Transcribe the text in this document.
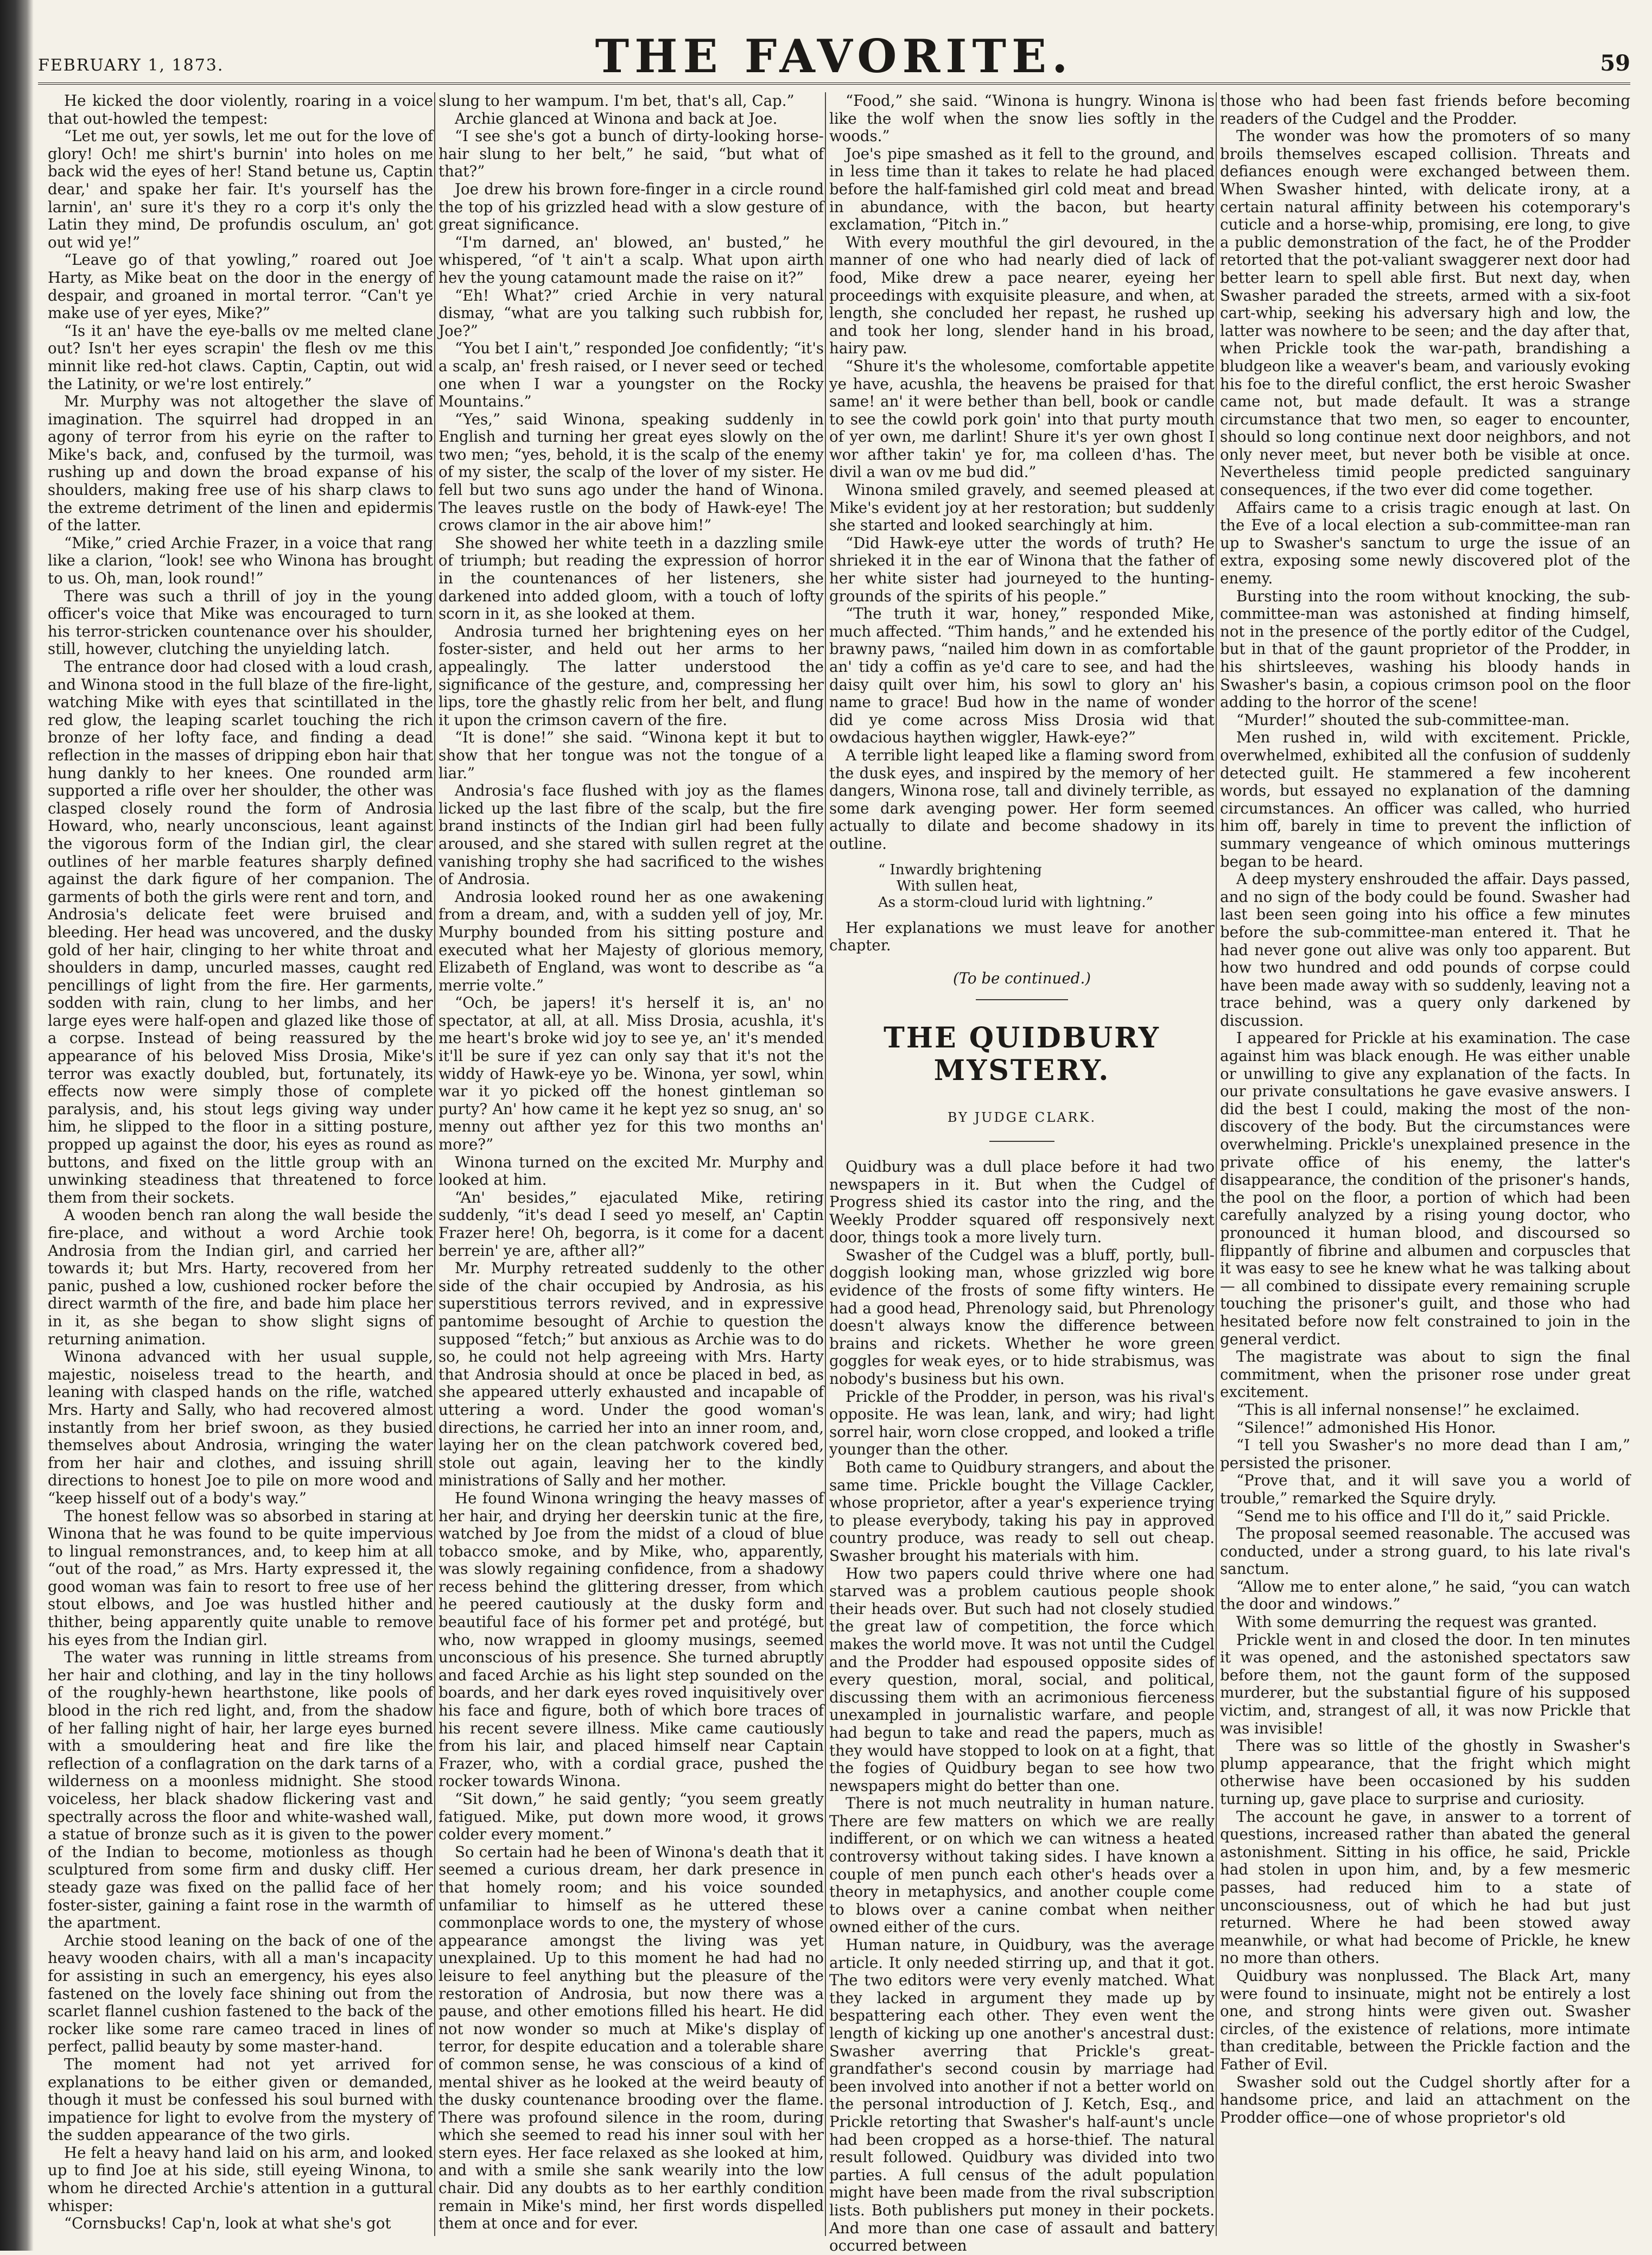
FEBRUARY 1, 1873.	THE FAVORITE.	59

He kicked the door violently, roaring in a voice that out-howled the tempest:

“Let me out, yer sowls, let me out for the love of glory! Och! me shirt's burnin' into holes on me back wid the eyes of her! Stand betune us, Captin dear,' and spake her fair. It's yourself has the larnin', an' sure it's they ro a corp it's only the Latin they mind, De profundis osculum, an' got out wid ye!”

“Leave go of that yowling,” roared out Joe Harty, as Mike beat on the door in the energy of despair, and groaned in mortal terror. “Can't ye make use of yer eyes, Mike?”

“Is it an' have the eye-balls ov me melted clane out? Isn't her eyes scrapin' the flesh ov me this minnit like red-hot claws. Captin, Captin, out wid the Latinity, or we're lost entirely.”

Mr. Murphy was not altogether the slave of imagination. The squirrel had dropped in an agony of terror from his eyrie on the rafter to Mike's back, and, confused by the turmoil, was rushing up and down the broad expanse of his shoulders, making free use of his sharp claws to the extreme detriment of the linen and epidermis of the latter.

“Mike,” cried Archie Frazer, in a voice that rang like a clarion, “look! see who Winona has brought to us. Oh, man, look round!”

There was such a thrill of joy in the young officer's voice that Mike was encouraged to turn his terror-stricken countenance over his shoulder, still, however, clutching the unyielding latch.

The entrance door had closed with a loud crash, and Winona stood in the full blaze of the fire-light, watching Mike with eyes that scintillated in the red glow, the leaping scarlet touching the rich bronze of her lofty face, and finding a dead reflection in the masses of dripping ebon hair that hung dankly to her knees. One rounded arm supported a rifle over her shoulder, the other was clasped closely round the form of Androsia Howard, who, nearly unconscious, leant against the vigorous form of the Indian girl, the clear outlines of her marble features sharply defined against the dark figure of her companion. The garments of both the girls were rent and torn, and Androsia's delicate feet were bruised and bleeding. Her head was uncovered, and the dusky gold of her hair, clinging to her white throat and shoulders in damp, uncurled masses, caught red pencillings of light from the fire. Her garments, sodden with rain, clung to her limbs, and her large eyes were half-open and glazed like those of a corpse. Instead of being reassured by the appearance of his beloved Miss Drosia, Mike's terror was exactly doubled, but, fortunately, its effects now were simply those of complete paralysis, and, his stout legs giving way under him, he slipped to the floor in a sitting posture, propped up against the door, his eyes as round as buttons, and fixed on the little group with an unwinking steadiness that threatened to force them from their sockets.

A wooden bench ran along the wall beside the fire-place, and without a word Archie took Androsia from the Indian girl, and carried her towards it; but Mrs. Harty, recovered from her panic, pushed a low, cushioned rocker before the direct warmth of the fire, and bade him place her in it, as she began to show slight signs of returning animation.

Winona advanced with her usual supple, majestic, noiseless tread to the hearth, and leaning with clasped hands on the rifle, watched Mrs. Harty and Sally, who had recovered almost instantly from her brief swoon, as they busied themselves about Androsia, wringing the water from her hair and clothes, and issuing shrill directions to honest Joe to pile on more wood and “keep hisself out of a body's way.”

The honest fellow was so absorbed in staring at Winona that he was found to be quite impervious to lingual remonstrances, and, to keep him at all “out of the road,” as Mrs. Harty expressed it, the good woman was fain to resort to free use of her stout elbows, and Joe was hustled hither and thither, being apparently quite unable to remove his eyes from the Indian girl.

The water was running in little streams from her hair and clothing, and lay in the tiny hollows of the roughly-hewn hearthstone, like pools of blood in the rich red light, and, from the shadow of her falling night of hair, her large eyes burned with a smouldering heat and fire like the reflection of a conflagration on the dark tarns of a wilderness on a moonless midnight. She stood voiceless, her black shadow flickering vast and spectrally across the floor and white-washed wall, a statue of bronze such as it is given to the power of the Indian to become, motionless as though sculptured from some firm and dusky cliff. Her steady gaze was fixed on the pallid face of her foster-sister, gaining a faint rose in the warmth of the apartment.

Archie stood leaning on the back of one of the heavy wooden chairs, with all a man's incapacity for assisting in such an emergency, his eyes also fastened on the lovely face shining out from the scarlet flannel cushion fastened to the back of the rocker like some rare cameo traced in lines of perfect, pallid beauty by some master-hand.

The moment had not yet arrived for explanations to be either given or demanded, though it must be confessed his soul burned with impatience for light to evolve from the mystery of the sudden appearance of the two girls.

He felt a heavy hand laid on his arm, and looked up to find Joe at his side, still eyeing Winona, to whom he directed Archie's attention in a guttural whisper:

“Cornsbucks! Cap'n, look at what she's got

slung to her wampum. I'm bet, that's all, Cap.”

Archie glanced at Winona and back at Joe.

“I see she's got a bunch of dirty-looking horse-hair slung to her belt,” he said, “but what of that?”

Joe drew his brown fore-finger in a circle round the top of his grizzled head with a slow gesture of great significance.

“I'm darned, an' blowed, an' busted,” he whispered, “of 't ain't a scalp. What upon airth hev the young catamount made the raise on it?”

“Eh! What?” cried Archie in very natural dismay, “what are you talking such rubbish for, Joe?”

“You bet I ain't,” responded Joe confidently; “it's a scalp, an' fresh raised, or I never seed or teched one when I war a youngster on the Rocky Mountains.”

“Yes,” said Winona, speaking suddenly in English and turning her great eyes slowly on the two men; “yes, behold, it is the scalp of the enemy of my sister, the scalp of the lover of my sister. He fell but two suns ago under the hand of Winona. The leaves rustle on the body of Hawk-eye! The crows clamor in the air above him!”

She showed her white teeth in a dazzling smile of triumph; but reading the expression of horror in the countenances of her listeners, she darkened into added gloom, with a touch of lofty scorn in it, as she looked at them.

Androsia turned her brightening eyes on her foster-sister, and held out her arms to her appealingly. The latter understood the significance of the gesture, and, compressing her lips, tore the ghastly relic from her belt, and flung it upon the crimson cavern of the fire.

“It is done!” she said. “Winona kept it but to show that her tongue was not the tongue of a liar.”

Androsia's face flushed with joy as the flames licked up the last fibre of the scalp, but the fire brand instincts of the Indian girl had been fully aroused, and she stared with sullen regret at the vanishing trophy she had sacrificed to the wishes of Androsia.

Androsia looked round her as one awakening from a dream, and, with a sudden yell of joy, Mr. Murphy bounded from his sitting posture and executed what her Majesty of glorious memory, Elizabeth of England, was wont to describe as “a merrie volte.”

“Och, be japers! it's herself it is, an' no spectator, at all, at all. Miss Drosia, acushla, it's me heart's broke wid joy to see ye, an' it's mended it'll be sure if yez can only say that it's not the widdy of Hawk-eye yo be. Winona, yer sowl, whin war it yo picked off the honest gintleman so purty? An' how came it he kept yez so snug, an' so menny out afther yez for this two months an' more?”

Winona turned on the excited Mr. Murphy and looked at him.

“An' besides,” ejaculated Mike, retiring suddenly, “it's dead I seed yo meself, an' Captin Frazer here! Oh, begorra, is it come for a dacent berrein' ye are, afther all?”

Mr. Murphy retreated suddenly to the other side of the chair occupied by Androsia, as his superstitious terrors revived, and in expressive pantomime besought of Archie to question the supposed “fetch;” but anxious as Archie was to do so, he could not help agreeing with Mrs. Harty that Androsia should at once be placed in bed, as she appeared utterly exhausted and incapable of uttering a word. Under the good woman's directions, he carried her into an inner room, and, laying her on the clean patchwork covered bed, stole out again, leaving her to the kindly ministrations of Sally and her mother.

He found Winona wringing the heavy masses of her hair, and drying her deerskin tunic at the fire, watched by Joe from the midst of a cloud of blue tobacco smoke, and by Mike, who, apparently, was slowly regaining confidence, from a shadowy recess behind the glittering dresser, from which he peered cautiously at the dusky form and beautiful face of his former pet and protégé, but who, now wrapped in gloomy musings, seemed unconscious of his presence. She turned abruptly and faced Archie as his light step sounded on the boards, and her dark eyes roved inquisitively over his face and figure, both of which bore traces of his recent severe illness. Mike came cautiously from his lair, and placed himself near Captain Frazer, who, with a cordial grace, pushed the rocker towards Winona.

“Sit down,” he said gently; “you seem greatly fatigued. Mike, put down more wood, it grows colder every moment.”

So certain had he been of Winona's death that it seemed a curious dream, her dark presence in that homely room; and his voice sounded unfamiliar to himself as he uttered these commonplace words to one, the mystery of whose appearance amongst the living was yet unexplained. Up to this moment he had had no leisure to feel anything but the pleasure of the restoration of Androsia, but now there was a pause, and other emotions filled his heart. He did not now wonder so much at Mike's display of terror, for despite education and a tolerable share of common sense, he was conscious of a kind of mental shiver as he looked at the weird beauty of the dusky countenance brooding over the flame. There was profound silence in the room, during which she seemed to read his inner soul with her stern eyes. Her face relaxed as she looked at him, and with a smile she sank wearily into the low chair. Did any doubts as to her earthly condition remain in Mike's mind, her first words dispelled them at once and for ever.

“Food,” she said. “Winona is hungry. Winona is like the wolf when the snow lies softly in the woods.”

Joe's pipe smashed as it fell to the ground, and in less time than it takes to relate he had placed before the half-famished girl cold meat and bread in abundance, with the bacon, but hearty exclamation, “Pitch in.”

With every mouthful the girl devoured, in the manner of one who had nearly died of lack of food, Mike drew a pace nearer, eyeing her proceedings with exquisite pleasure, and when, at length, she concluded her repast, he rushed up and took her long, slender hand in his broad, hairy paw.

“Shure it's the wholesome, comfortable appetite ye have, acushla, the heavens be praised for that same! an' it were bether than bell, book or candle to see the cowld pork goin' into that purty mouth of yer own, me darlint! Shure it's yer own ghost I wor afther takin' ye for, ma colleen d'has. The divil a wan ov me bud did.”

Winona smiled gravely, and seemed pleased at Mike's evident joy at her restoration; but suddenly she started and looked searchingly at him.

“Did Hawk-eye utter the words of truth? He shrieked it in the ear of Winona that the father of her white sister had journeyed to the hunting-grounds of the spirits of his people.”

“The truth it war, honey,” responded Mike, much affected. “Thim hands,” and he extended his brawny paws, “nailed him down in as comfortable an' tidy a coffin as ye'd care to see, and had the daisy quilt over him, his sowl to glory an' his name to grace! Bud how in the name of wonder did ye come across Miss Drosia wid that owdacious haythen wiggler, Hawk-eye?”

A terrible light leaped like a flaming sword from the dusk eyes, and inspired by the memory of her dangers, Winona rose, tall and divinely terrible, as some dark avenging power. Her form seemed actually to dilate and become shadowy in its outline.

“ Inwardly brightening
With sullen heat,
As a storm-cloud lurid with lightning.”

Her explanations we must leave for another chapter.

(To be continued.)
THE QUIDBURY MYSTERY.
BY JUDGE CLARK.

Quidbury was a dull place before it had two newspapers in it. But when the Cudgel of Progress shied its castor into the ring, and the Weekly Prodder squared off responsively next door, things took a more lively turn.

Swasher of the Cudgel was a bluff, portly, bull-doggish looking man, whose grizzled wig bore evidence of the frosts of some fifty winters. He had a good head, Phrenology said, but Phrenology doesn't always know the difference between brains and rickets. Whether he wore green goggles for weak eyes, or to hide strabismus, was nobody's business but his own.

Prickle of the Prodder, in person, was his rival's opposite. He was lean, lank, and wiry; had light sorrel hair, worn close cropped, and looked a trifle younger than the other.

Both came to Quidbury strangers, and about the same time. Prickle bought the Village Cackler, whose proprietor, after a year's experience trying to please everybody, taking his pay in approved country produce, was ready to sell out cheap. Swasher brought his materials with him.

How two papers could thrive where one had starved was a problem cautious people shook their heads over. But such had not closely studied the great law of competition, the force which makes the world move. It was not until the Cudgel and the Prodder had espoused opposite sides of every question, moral, social, and political, discussing them with an acrimonious fierceness unexampled in journalistic warfare, and people had begun to take and read the papers, much as they would have stopped to look on at a fight, that the fogies of Quidbury began to see how two newspapers might do better than one.

There is not much neutrality in human nature. There are few matters on which we are really indifferent, or on which we can witness a heated controversy without taking sides. I have known a couple of men punch each other's heads over a theory in metaphysics, and another couple come to blows over a canine combat when neither owned either of the curs.

Human nature, in Quidbury, was the average article. It only needed stirring up, and that it got. The two editors were very evenly matched. What they lacked in argument they made up by bespattering each other. They even went the length of kicking up one another's ancestral dust: Swasher averring that Prickle's great-grandfather's second cousin by marriage had been involved into another if not a better world on the personal introduction of J. Ketch, Esq., and Prickle retorting that Swasher's half-aunt's uncle had been cropped as a horse-thief. The natural result followed. Quidbury was divided into two parties. A full census of the adult population might have been made from the rival subscription lists. Both publishers put money in their pockets. And more than one case of assault and battery occurred between

those who had been fast friends before becoming readers of the Cudgel and the Prodder.

The wonder was how the promoters of so many broils themselves escaped collision. Threats and defiances enough were exchanged between them. When Swasher hinted, with delicate irony, at a certain natural affinity between his cotemporary's cuticle and a horse-whip, promising, ere long, to give a public demonstration of the fact, he of the Prodder retorted that the pot-valiant swaggerer next door had better learn to spell able first. But next day, when Swasher paraded the streets, armed with a six-foot cart-whip, seeking his adversary high and low, the latter was nowhere to be seen; and the day after that, when Prickle took the war-path, brandishing a bludgeon like a weaver's beam, and variously evoking his foe to the direful conflict, the erst heroic Swasher came not, but made default. It was a strange circumstance that two men, so eager to encounter, should so long continue next door neighbors, and not only never meet, but never both be visible at once. Nevertheless timid people predicted sanguinary consequences, if the two ever did come together.

Affairs came to a crisis tragic enough at last. On the Eve of a local election a sub-committee-man ran up to Swasher's sanctum to urge the issue of an extra, exposing some newly discovered plot of the enemy.

Bursting into the room without knocking, the sub-committee-man was astonished at finding himself, not in the presence of the portly editor of the Cudgel, but in that of the gaunt proprietor of the Prodder, in his shirtsleeves, washing his bloody hands in Swasher's basin, a copious crimson pool on the floor adding to the horror of the scene!

“Murder!” shouted the sub-committee-man.

Men rushed in, wild with excitement. Prickle, overwhelmed, exhibited all the confusion of suddenly detected guilt. He stammered a few incoherent words, but essayed no explanation of the damning circumstances. An officer was called, who hurried him off, barely in time to prevent the infliction of summary vengeance of which ominous mutterings began to be heard.

A deep mystery enshrouded the affair. Days passed, and no sign of the body could be found. Swasher had last been seen going into his office a few minutes before the sub-committee-man entered it. That he had never gone out alive was only too apparent. But how two hundred and odd pounds of corpse could have been made away with so suddenly, leaving not a trace behind, was a query only darkened by discussion.

I appeared for Prickle at his examination. The case against him was black enough. He was either unable or unwilling to give any explanation of the facts. In our private consultations he gave evasive answers. I did the best I could, making the most of the non-discovery of the body. But the circumstances were overwhelming. Prickle's unexplained presence in the private office of his enemy, the latter's disappearance, the condition of the prisoner's hands, the pool on the floor, a portion of which had been carefully analyzed by a rising young doctor, who pronounced it human blood, and discoursed so flippantly of fibrine and albumen and corpuscles that it was easy to see he knew what he was talking about — all combined to dissipate every remaining scruple touching the prisoner's guilt, and those who had hesitated before now felt constrained to join in the general verdict.

The magistrate was about to sign the final commitment, when the prisoner rose under great excitement.

“This is all infernal nonsense!” he exclaimed.

“Silence!” admonished His Honor.

“I tell you Swasher's no more dead than I am,” persisted the prisoner.

“Prove that, and it will save you a world of trouble,” remarked the Squire dryly.

“Send me to his office and I'll do it,” said Prickle.

The proposal seemed reasonable. The accused was conducted, under a strong guard, to his late rival's sanctum.

“Allow me to enter alone,” he said, “you can watch the door and windows.”

With some demurring the request was granted.

Prickle went in and closed the door. In ten minutes it was opened, and the astonished spectators saw before them, not the gaunt form of the supposed murderer, but the substantial figure of his supposed victim, and, strangest of all, it was now Prickle that was invisible!

There was so little of the ghostly in Swasher's plump appearance, that the fright which might otherwise have been occasioned by his sudden turning up, gave place to surprise and curiosity.

The account he gave, in answer to a torrent of questions, increased rather than abated the general astonishment. Sitting in his office, he said, Prickle had stolen in upon him, and, by a few mesmeric passes, had reduced him to a state of unconsciousness, out of which he had but just returned. Where he had been stowed away meanwhile, or what had become of Prickle, he knew no more than others.

Quidbury was nonplussed. The Black Art, many were found to insinuate, might not be entirely a lost one, and strong hints were given out. Swasher circles, of the existence of relations, more intimate than creditable, between the Prickle faction and the Father of Evil.

Swasher sold out the Cudgel shortly after for a handsome price, and laid an attachment on the Prodder office—one of whose proprietor's old
